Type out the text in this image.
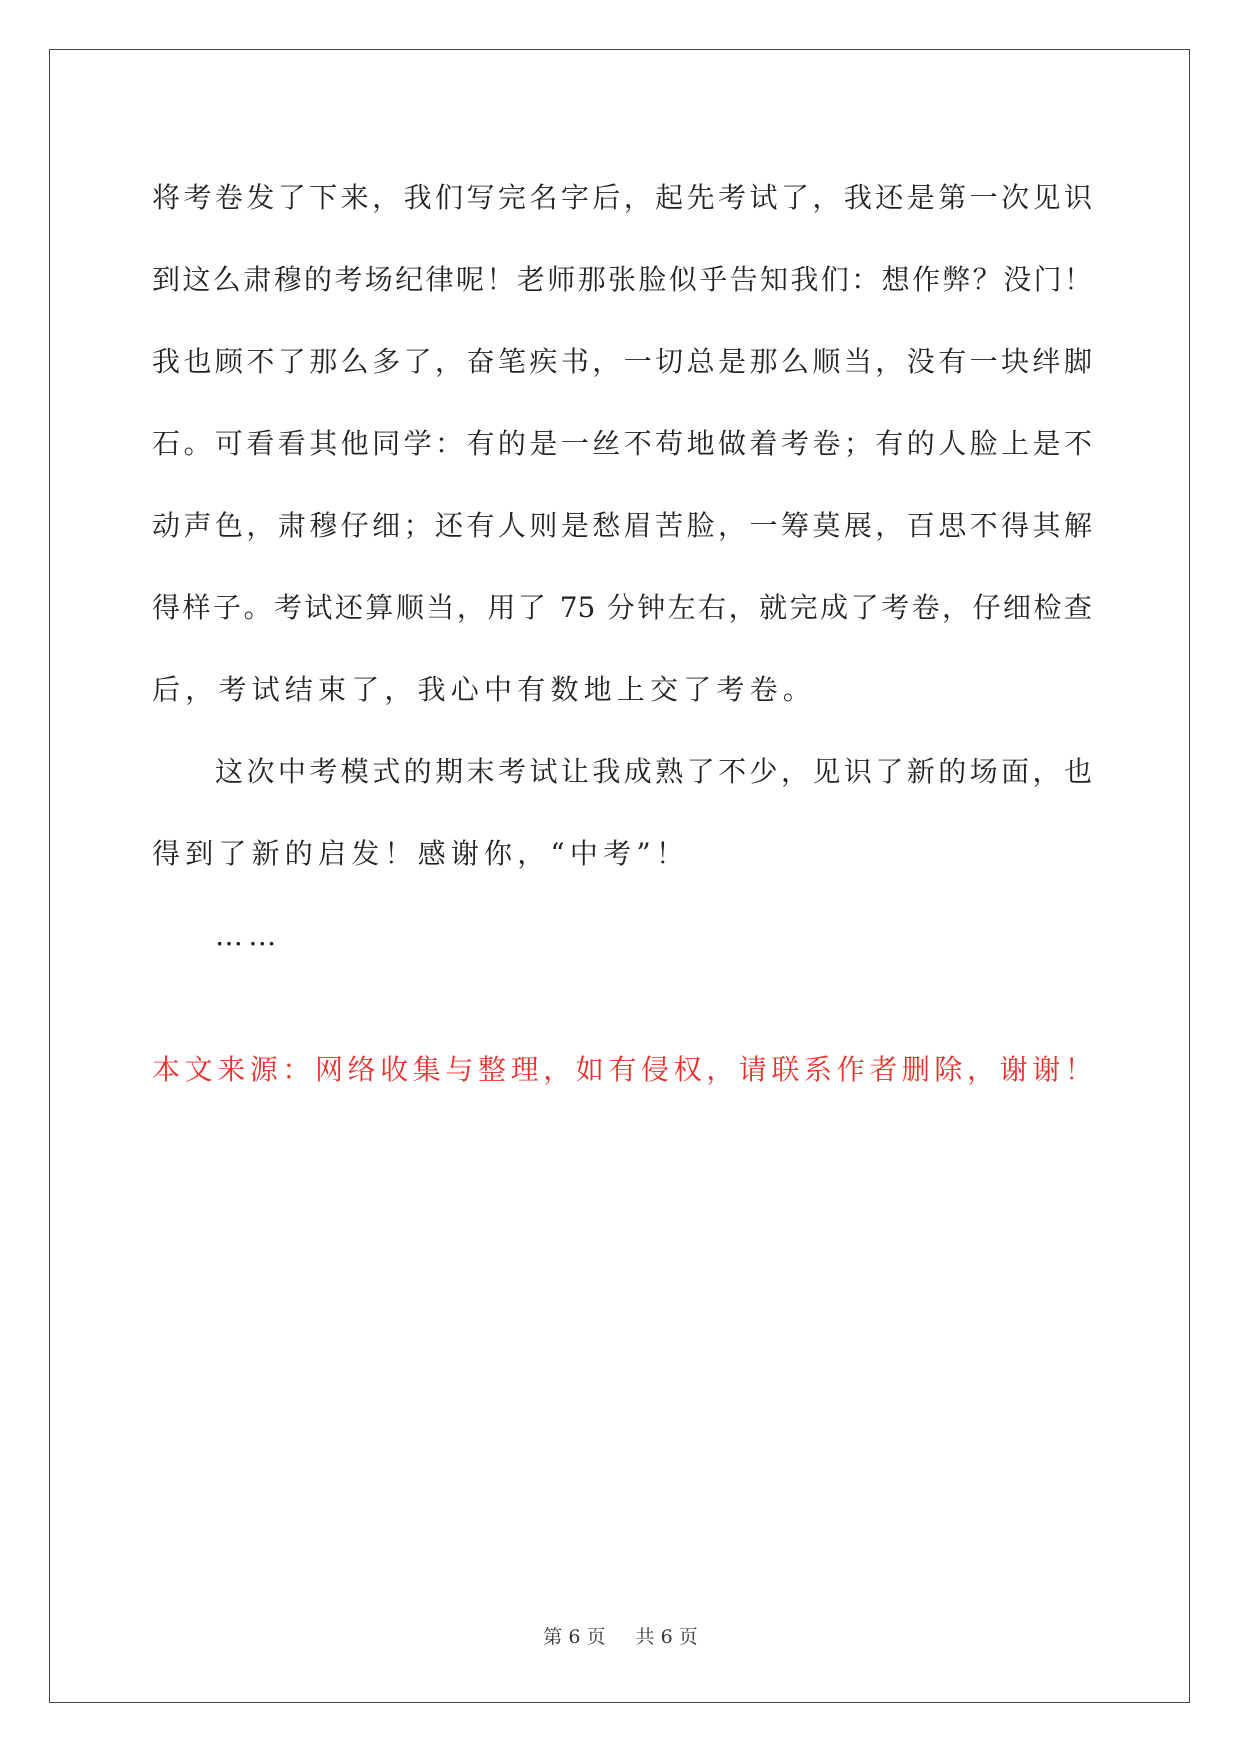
将考卷发了下来，我们写完名字后，起先考试了，我还是第一次见识
到这么肃穆的考场纪律呢！老师那张脸似乎告知我们：想作弊？没门！
我也顾不了那么多了，奋笔疾书，一切总是那么顺当，没有一块绊脚
石。可看看其他同学：有的是一丝不苟地做着考卷；有的人脸上是不
动声色，肃穆仔细；还有人则是愁眉苦脸，一筹莫展，百思不得其解
得样子。考试还算顺当，用了 75 分钟左右，就完成了考卷，仔细检查
后，考试结束了，我心中有数地上交了考卷。
这次中考模式的期末考试让我成熟了不少，见识了新的场面，也
得到了新的启发！感谢你，“中考”！
……
本文来源：网络收集与整理，如有侵权，请联系作者删除，谢谢！
第 6 页 共 6 页
